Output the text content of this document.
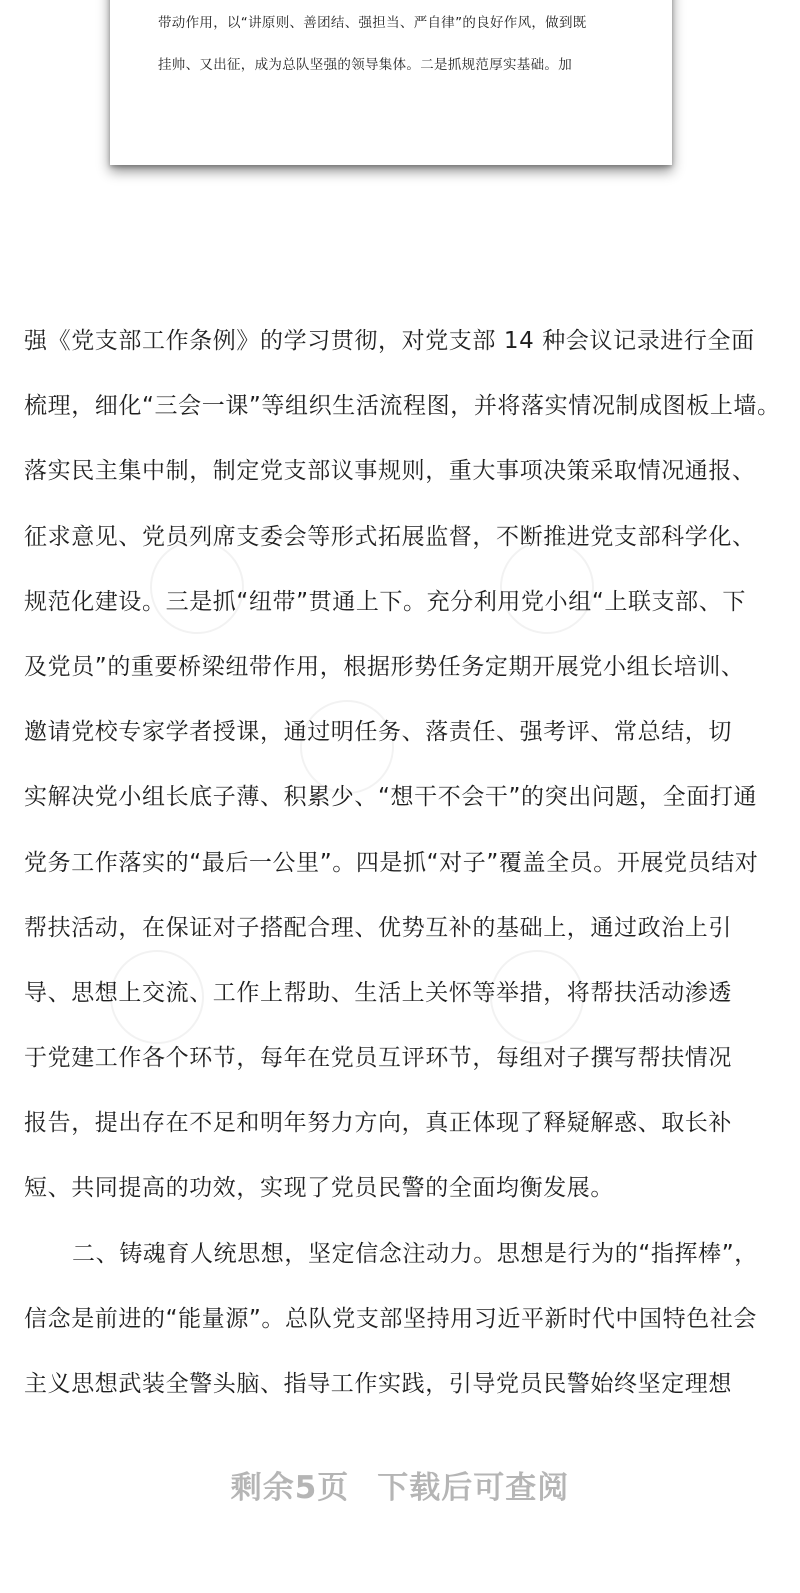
带动作用，以“讲原则、善团结、强担当、严自律”的良好作风，做到既
挂帅、又出征，成为总队坚强的领导集体。二是抓规范厚实基础。加

强《党支部工作条例》的学习贯彻，对党支部 14 种会议记录进行全面
梳理，细化“三会一课”等组织生活流程图，并将落实情况制成图板上墙。
落实民主集中制，制定党支部议事规则，重大事项决策采取情况通报、
征求意见、党员列席支委会等形式拓展监督，不断推进党支部科学化、
规范化建设。三是抓“纽带”贯通上下。充分利用党小组“上联支部、下
及党员”的重要桥梁纽带作用，根据形势任务定期开展党小组长培训、
邀请党校专家学者授课，通过明任务、落责任、强考评、常总结，切
实解决党小组长底子薄、积累少、“想干不会干”的突出问题，全面打通
党务工作落实的“最后一公里”。四是抓“对子”覆盖全员。开展党员结对
帮扶活动，在保证对子搭配合理、优势互补的基础上，通过政治上引
导、思想上交流、工作上帮助、生活上关怀等举措，将帮扶活动渗透
于党建工作各个环节，每年在党员互评环节，每组对子撰写帮扶情况
报告，提出存在不足和明年努力方向，真正体现了释疑解惑、取长补
短、共同提高的功效，实现了党员民警的全面均衡发展。
二、铸魂育人统思想，坚定信念注动力。思想是行为的“指挥棒”，
信念是前进的“能量源”。总队党支部坚持用习近平新时代中国特色社会
主义思想武装全警头脑、指导工作实践，引导党员民警始终坚定理想
剩余5页 下载后可查阅
